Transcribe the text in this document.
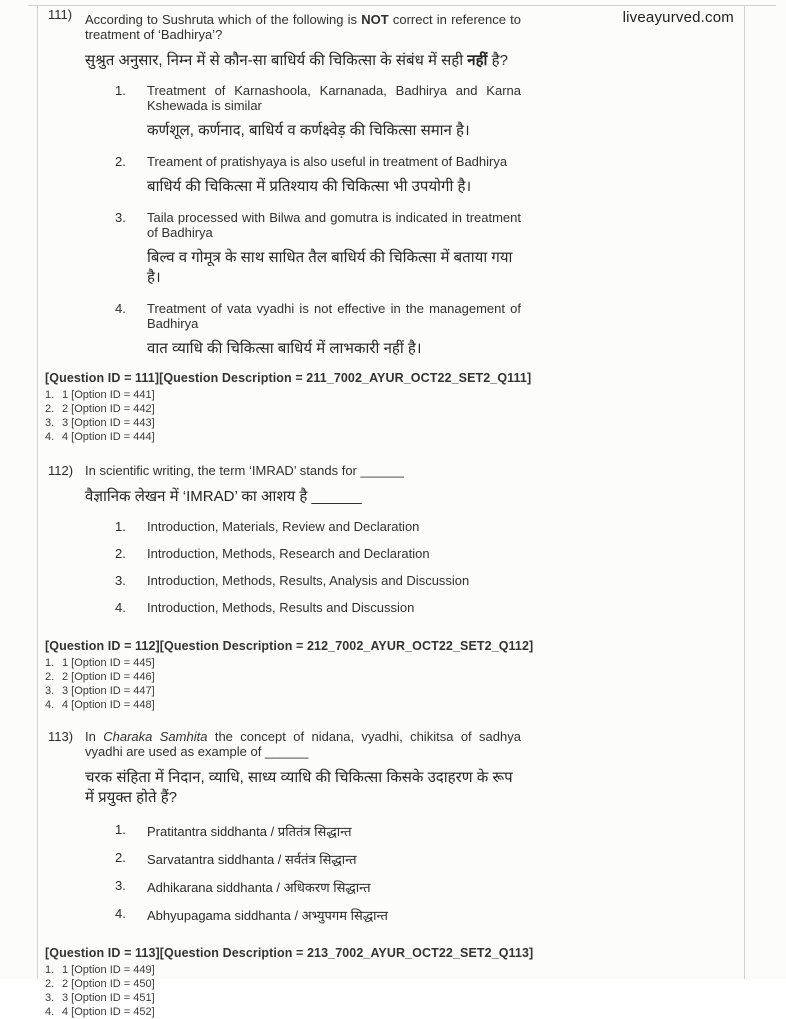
liveayurved.com
111) According to Sushruta which of the following is NOT correct in reference to treatment of ‘Badhirya’?

सुश्रुत अनुसार, निम्न में से कौन-सा बाधिर्य की चिकित्सा के संबंध में सही नहीं है?

1.	Treatment of Karnashoola, Karnanada, Badhirya and Karna Kshewada is similar

कर्णशूल, कर्णनाद, बाधिर्य व कर्णक्ष्वेड़ की चिकित्सा समान है।

2.	Treament of pratishyaya is also useful in treatment of Badhirya

बाधिर्य की चिकित्सा में प्रतिश्याय की चिकित्सा भी उपयोगी है।

3.	Taila processed with Bilwa and gomutra is indicated in treatment of Badhirya

बिल्व व गोमूत्र के साथ साधित तैल बाधिर्य की चिकित्सा में बताया गया है।

4.	Treatment of vata vyadhi is not effective in the management of Badhirya

वात व्याधि की चिकित्सा बाधिर्य में लाभकारी नहीं है।

[Question ID = 111][Question Description = 211_7002_AYUR_OCT22_SET2_Q111]
1. 1 [Option ID = 441]
2. 2 [Option ID = 442]
3. 3 [Option ID = 443]
4. 4 [Option ID = 444]
112) In scientific writing, the term ‘IMRAD’ stands for ______

वैज्ञानिक लेखन में ‘IMRAD’ का आशय है ______

1.	Introduction, Materials, Review and Declaration

2.	Introduction, Methods, Research and Declaration

3.	Introduction, Methods, Results, Analysis and Discussion

4.	Introduction, Methods, Results and Discussion

[Question ID = 112][Question Description = 212_7002_AYUR_OCT22_SET2_Q112]
1. 1 [Option ID = 445]
2. 2 [Option ID = 446]
3. 3 [Option ID = 447]
4. 4 [Option ID = 448]
113) In Charaka Samhita the concept of nidana, vyadhi, chikitsa of sadhya vyadhi are used as example of ______

चरक संहिता में निदान, व्याधि, साध्य व्याधि की चिकित्सा किसके उदाहरण के रूप में प्रयुक्त होते हैं?

1.	Pratitantra siddhanta / प्रतितंत्र सिद्धान्त

2.	Sarvatantra siddhanta / सर्वतंत्र सिद्धान्त

3.	Adhikarana siddhanta / अधिकरण सिद्धान्त

4.	Abhyupagama siddhanta / अभ्युपगम सिद्धान्त

[Question ID = 113][Question Description = 213_7002_AYUR_OCT22_SET2_Q113]
1. 1 [Option ID = 449]
2. 2 [Option ID = 450]
3. 3 [Option ID = 451]
4. 4 [Option ID = 452]
